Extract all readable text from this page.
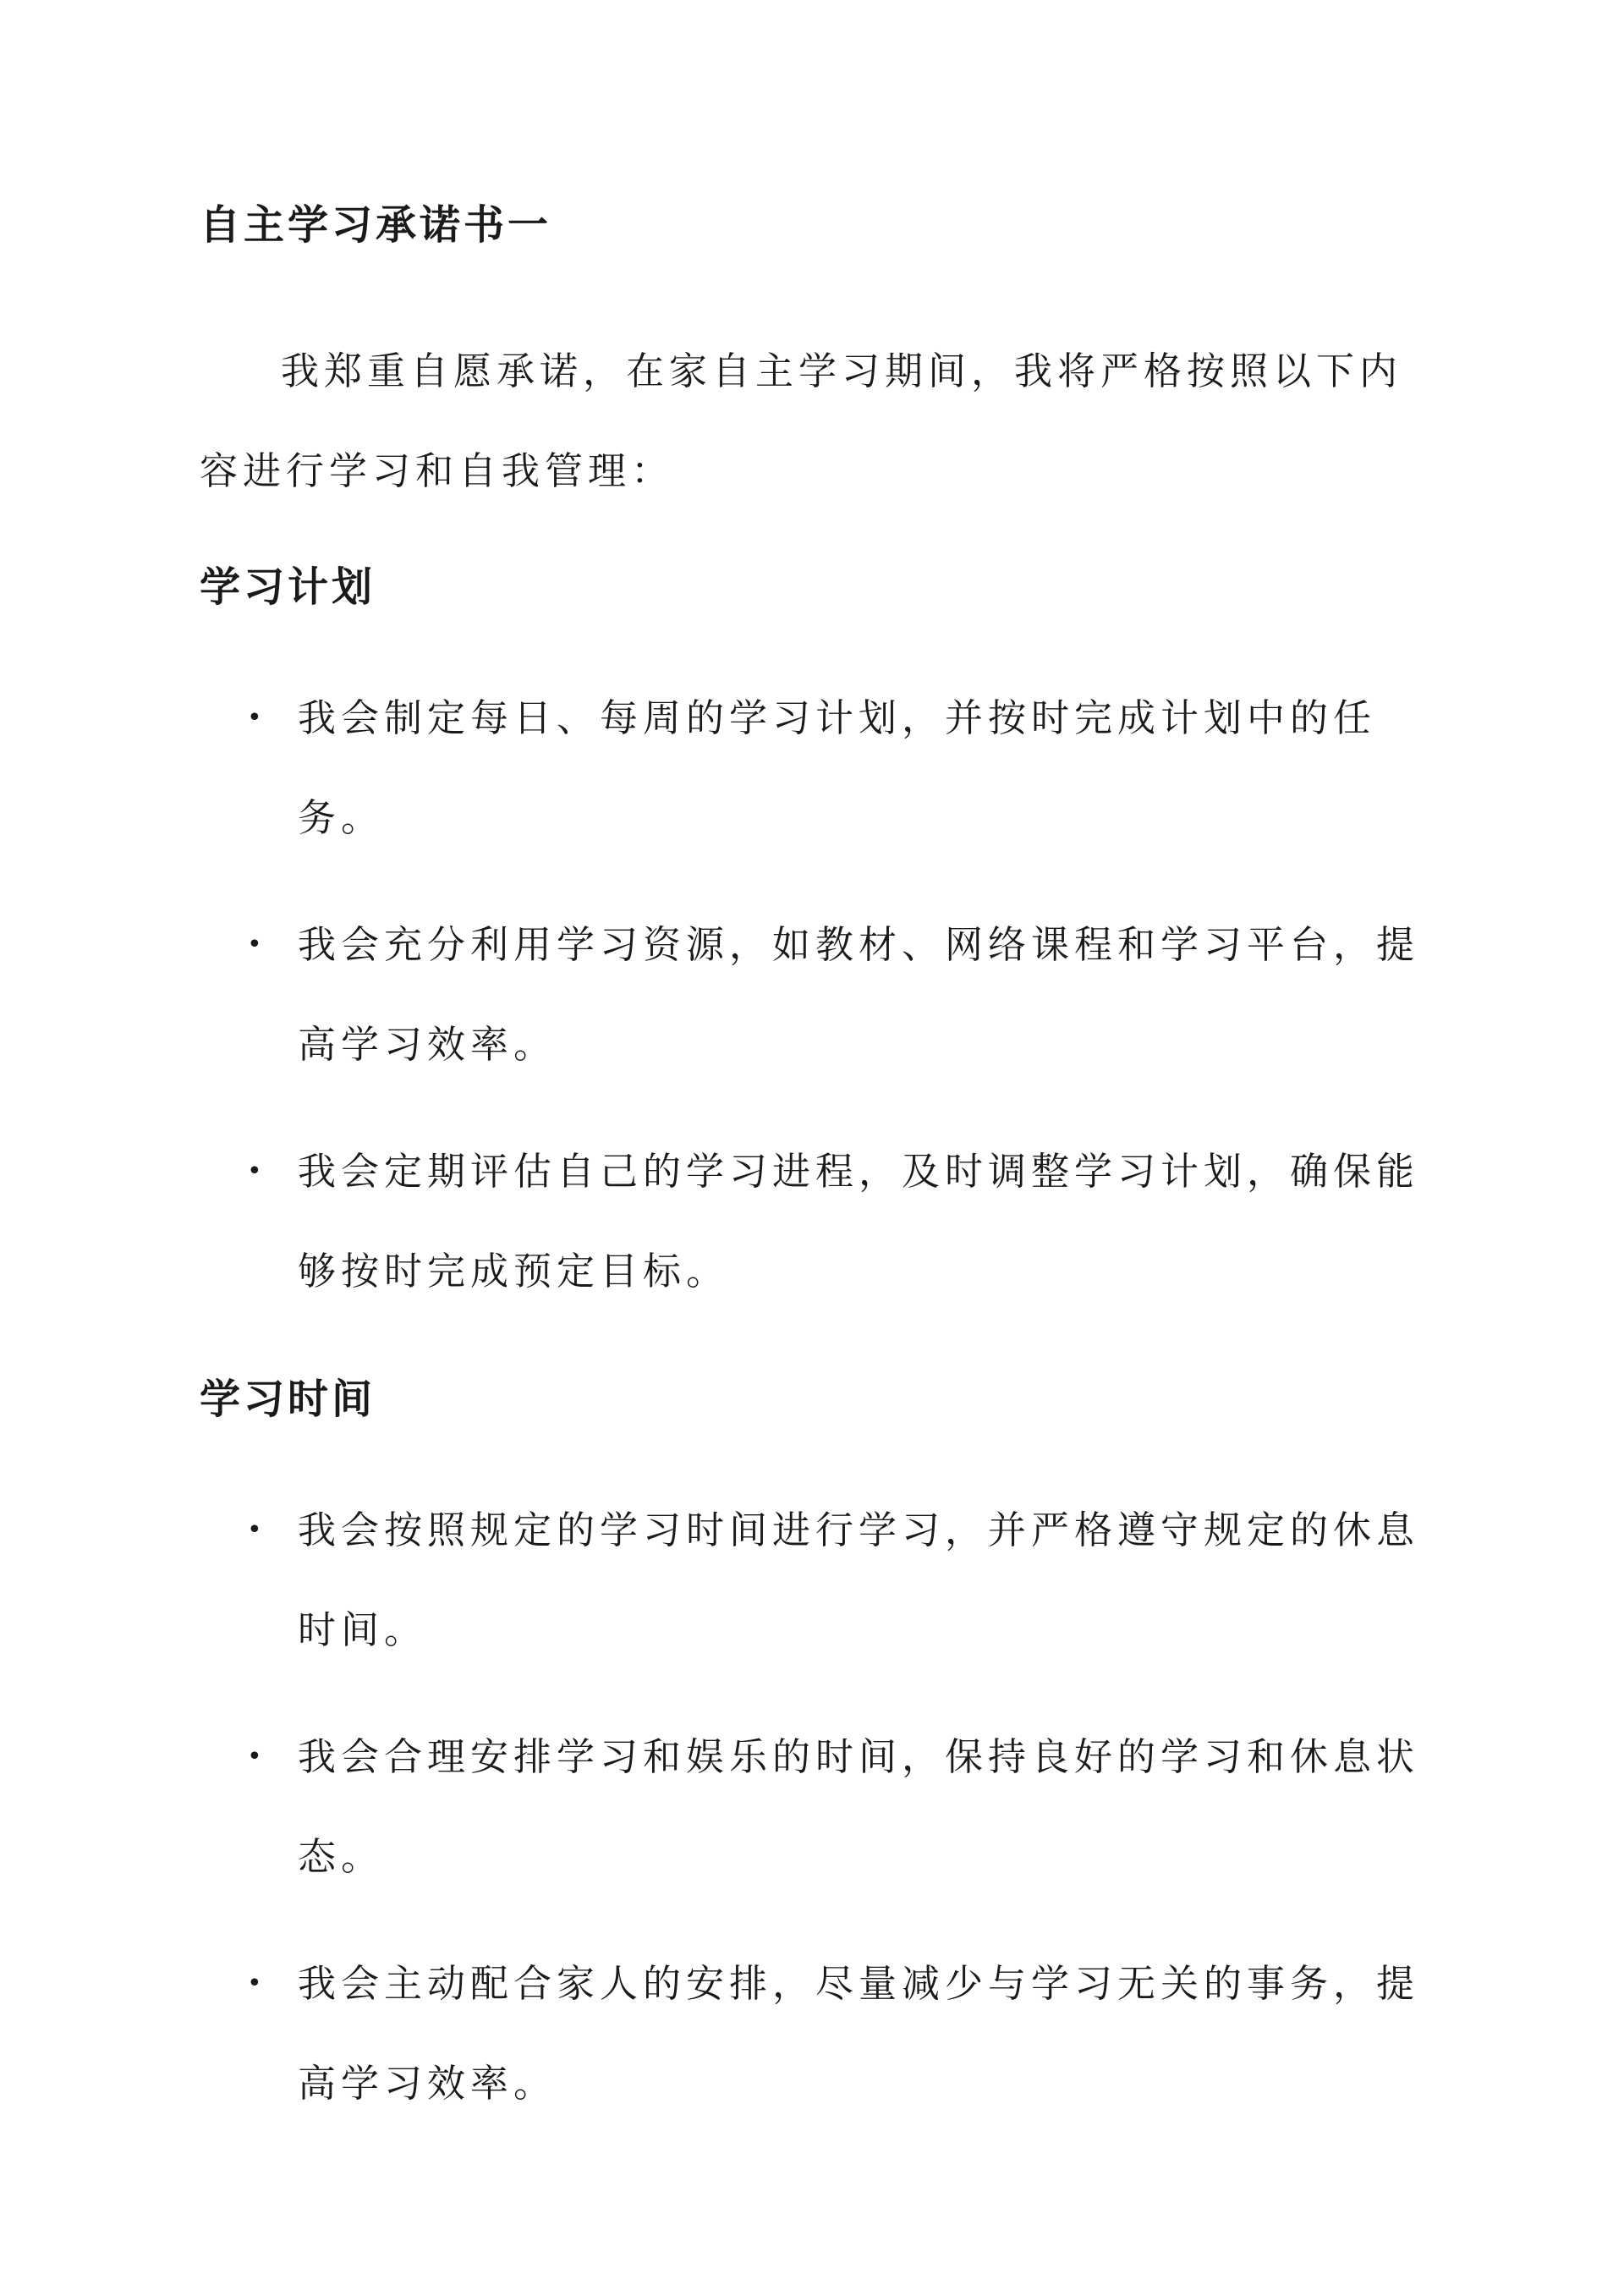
自主学习承诺书一

我郑重自愿承诺，在家自主学习期间，我将严格按照以下内容进行学习和自我管理：

学习计划
• 我会制定每日、每周的学习计划，并按时完成计划中的任务。
• 我会充分利用学习资源，如教材、网络课程和学习平台，提高学习效率。
• 我会定期评估自己的学习进程，及时调整学习计划，确保能够按时完成预定目标。
学习时间
• 我会按照规定的学习时间进行学习，并严格遵守规定的休息时间。
• 我会合理安排学习和娱乐的时间，保持良好的学习和休息状态。
• 我会主动配合家人的安排，尽量减少与学习无关的事务，提高学习效率。
